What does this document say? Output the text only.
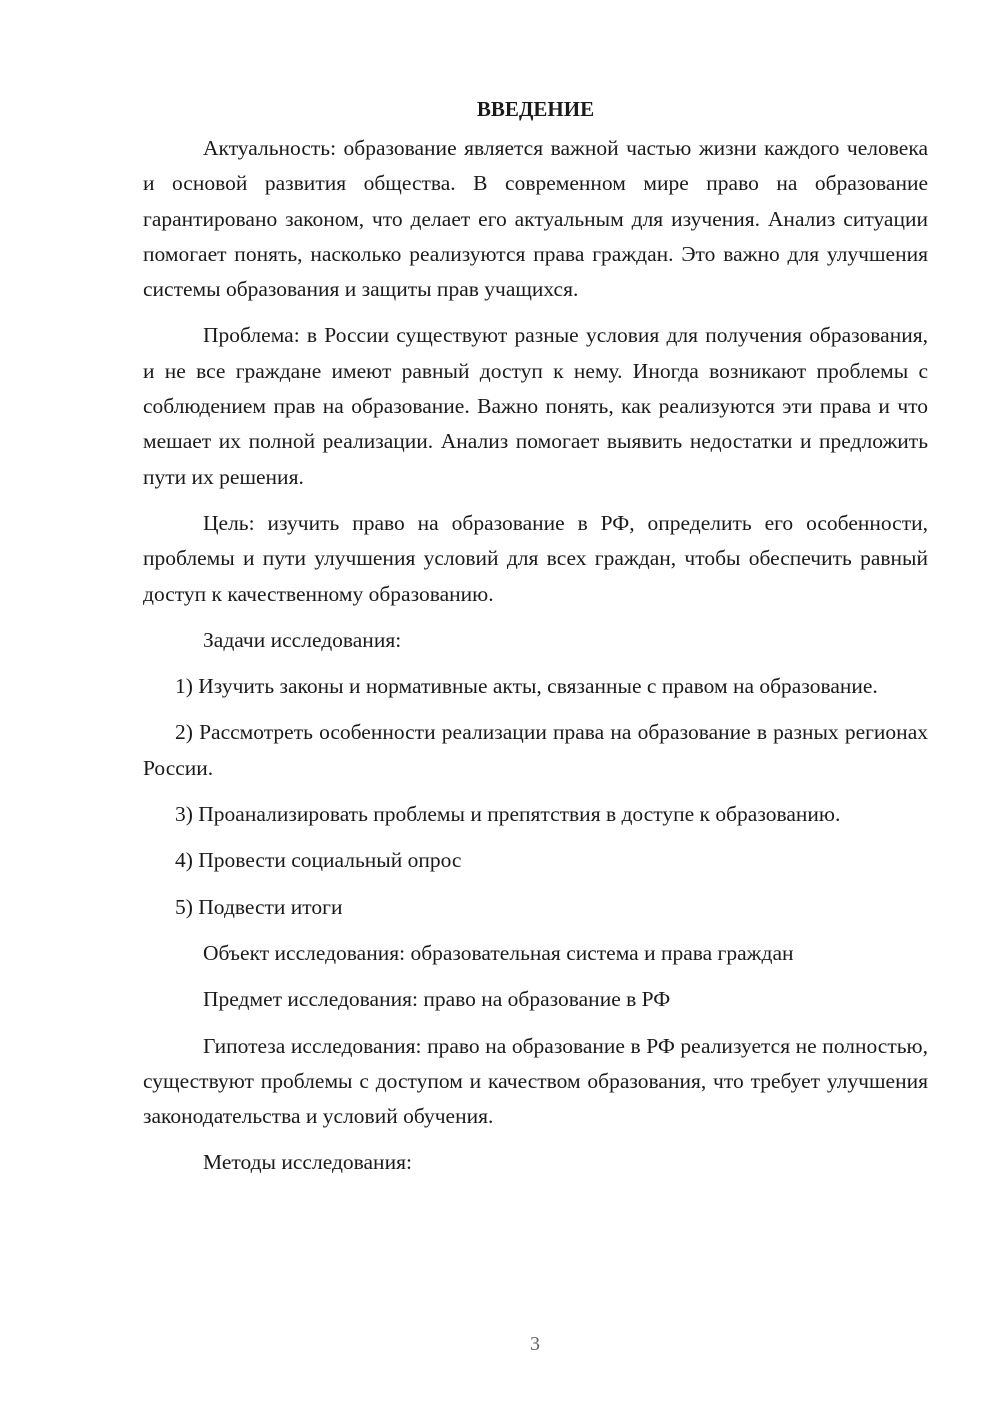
ВВЕДЕНИЕ

Актуальность: образование является важной частью жизни каждого человека и основой развития общества. В современном мире право на образование гарантировано законом, что делает его актуальным для изучения. Анализ ситуации помогает понять, насколько реализуются права граждан. Это важно для улучшения системы образования и защиты прав учащихся.

Проблема: в России существуют разные условия для получения образования, и не все граждане имеют равный доступ к нему. Иногда возникают проблемы с соблюдением прав на образование. Важно понять, как реализуются эти права и что мешает их полной реализации. Анализ помогает выявить недостатки и предложить пути их решения.

Цель: изучить право на образование в РФ, определить его особенности, проблемы и пути улучшения условий для всех граждан, чтобы обеспечить равный доступ к качественному образованию.

Задачи исследования:

1) Изучить законы и нормативные акты, связанные с правом на образование.

2) Рассмотреть особенности реализации права на образование в разных регионах России.

3) Проанализировать проблемы и препятствия в доступе к образованию.

4) Провести социальный опрос

5) Подвести итоги

Объект исследования: образовательная система и права граждан

Предмет исследования: право на образование в РФ

Гипотеза исследования: право на образование в РФ реализуется не полностью, существуют проблемы с доступом и качеством образования, что требует улучшения законодательства и условий обучения.

Методы исследования:

3
